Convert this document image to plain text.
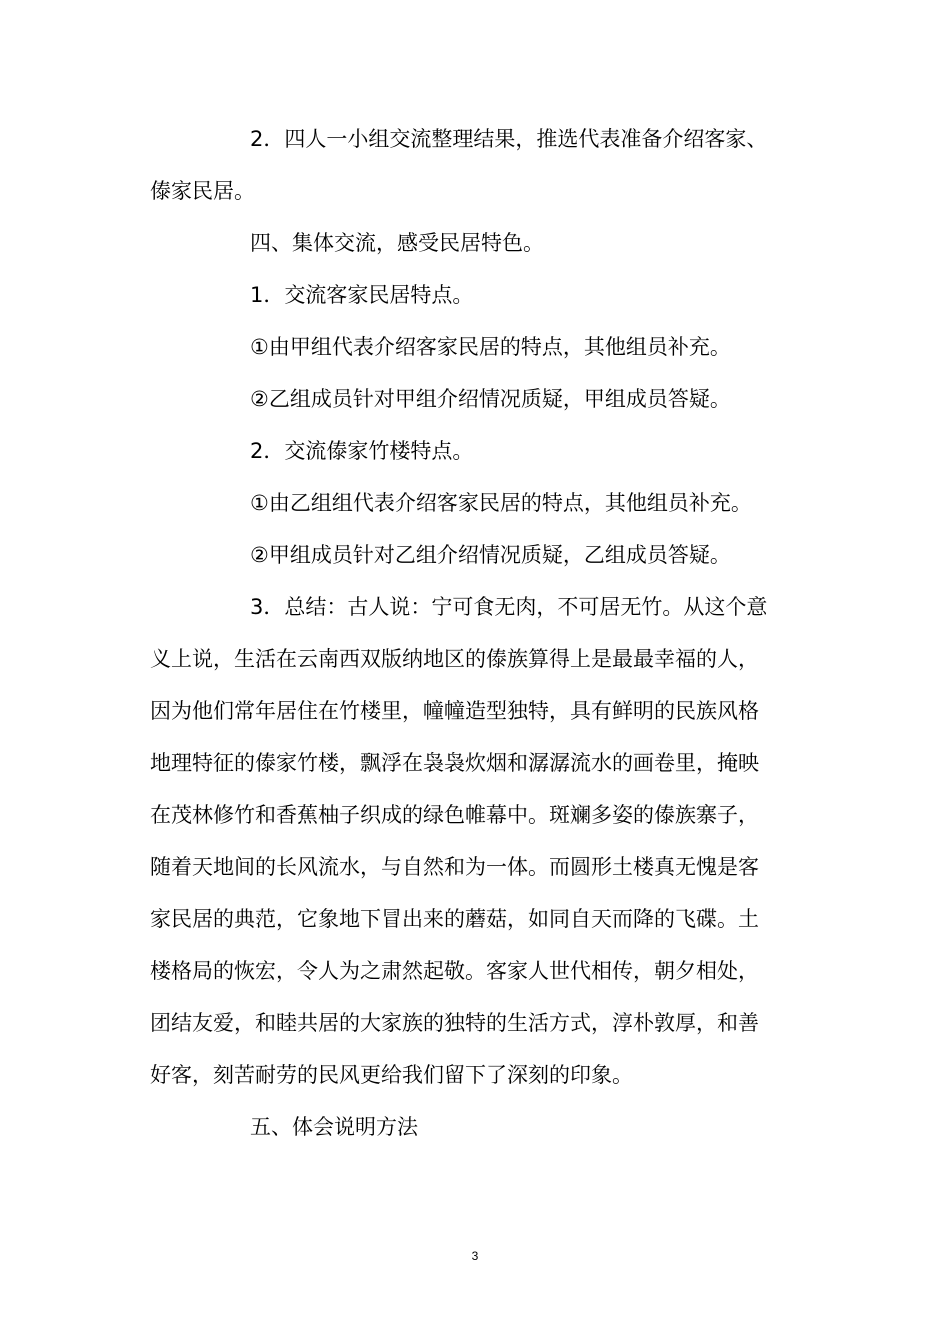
2．四人一小组交流整理结果，推选代表准备介绍客家、
傣家民居。
四、集体交流，感受民居特色。
1．交流客家民居特点。
①由甲组代表介绍客家民居的特点，其他组员补充。
②乙组成员针对甲组介绍情况质疑，甲组成员答疑。
2．交流傣家竹楼特点。
①由乙组组代表介绍客家民居的特点，其他组员补充。
②甲组成员针对乙组介绍情况质疑，乙组成员答疑。
3．总结：古人说：宁可食无肉，不可居无竹。从这个意
义上说，生活在云南西双版纳地区的傣族算得上是最最幸福的人，
因为他们常年居住在竹楼里，幢幢造型独特，具有鲜明的民族风格
地理特征的傣家竹楼，飘浮在袅袅炊烟和潺潺流水的画卷里，掩映
在茂林修竹和香蕉柚子织成的绿色帷幕中。斑斓多姿的傣族寨子，
随着天地间的长风流水，与自然和为一体。而圆形土楼真无愧是客
家民居的典范，它象地下冒出来的蘑菇，如同自天而降的飞碟。土
楼格局的恢宏，令人为之肃然起敬。客家人世代相传，朝夕相处，
团结友爱，和睦共居的大家族的独特的生活方式，淳朴敦厚，和善
好客，刻苦耐劳的民风更给我们留下了深刻的印象。
五、体会说明方法
3
